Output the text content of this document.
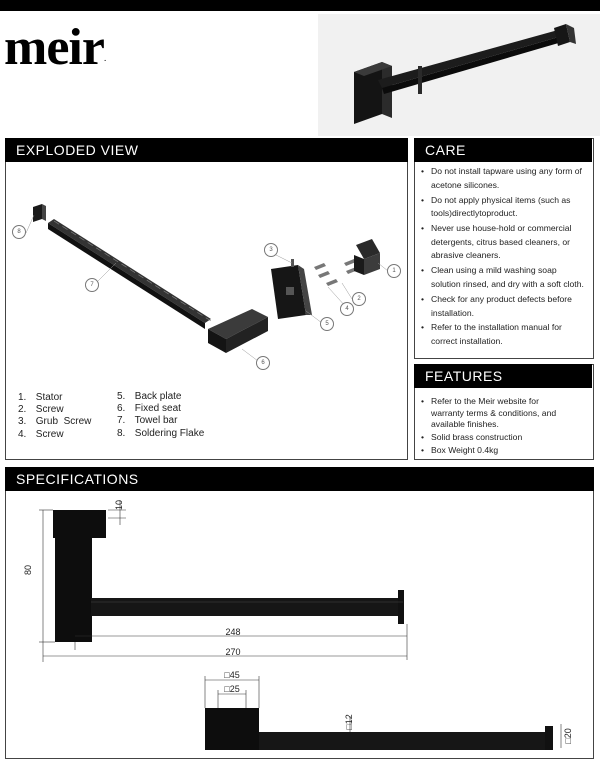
meir.
EXPLODED VIEW
8
7
3
1
2
4
5
6
1. Stator
2. Screw
3. Grub  Screw
4. Screw
5. Back plate
6. Fixed seat
7. Towel bar
8. Soldering Flake
CARE
• Do not install tapware using any form of acetone silicones.
• Do not apply physical items (such as tools)directlytoproduct.
• Never use house-hold or commercial detergents, citrus based cleaners, or abrasive cleaners.
• Clean using a mild washing soap solution rinsed, and dry with a soft cloth.
• Check for any product defects before installation.
• Refer to the installation manual for correct installation.
FEATURES
• Refer to the Meir website for warranty terms & conditions, and available finishes.
• Solid brass construction
• Box Weight 0.4kg
SPECIFICATIONS
10
80
248
270
□45
□25
□12
□20
